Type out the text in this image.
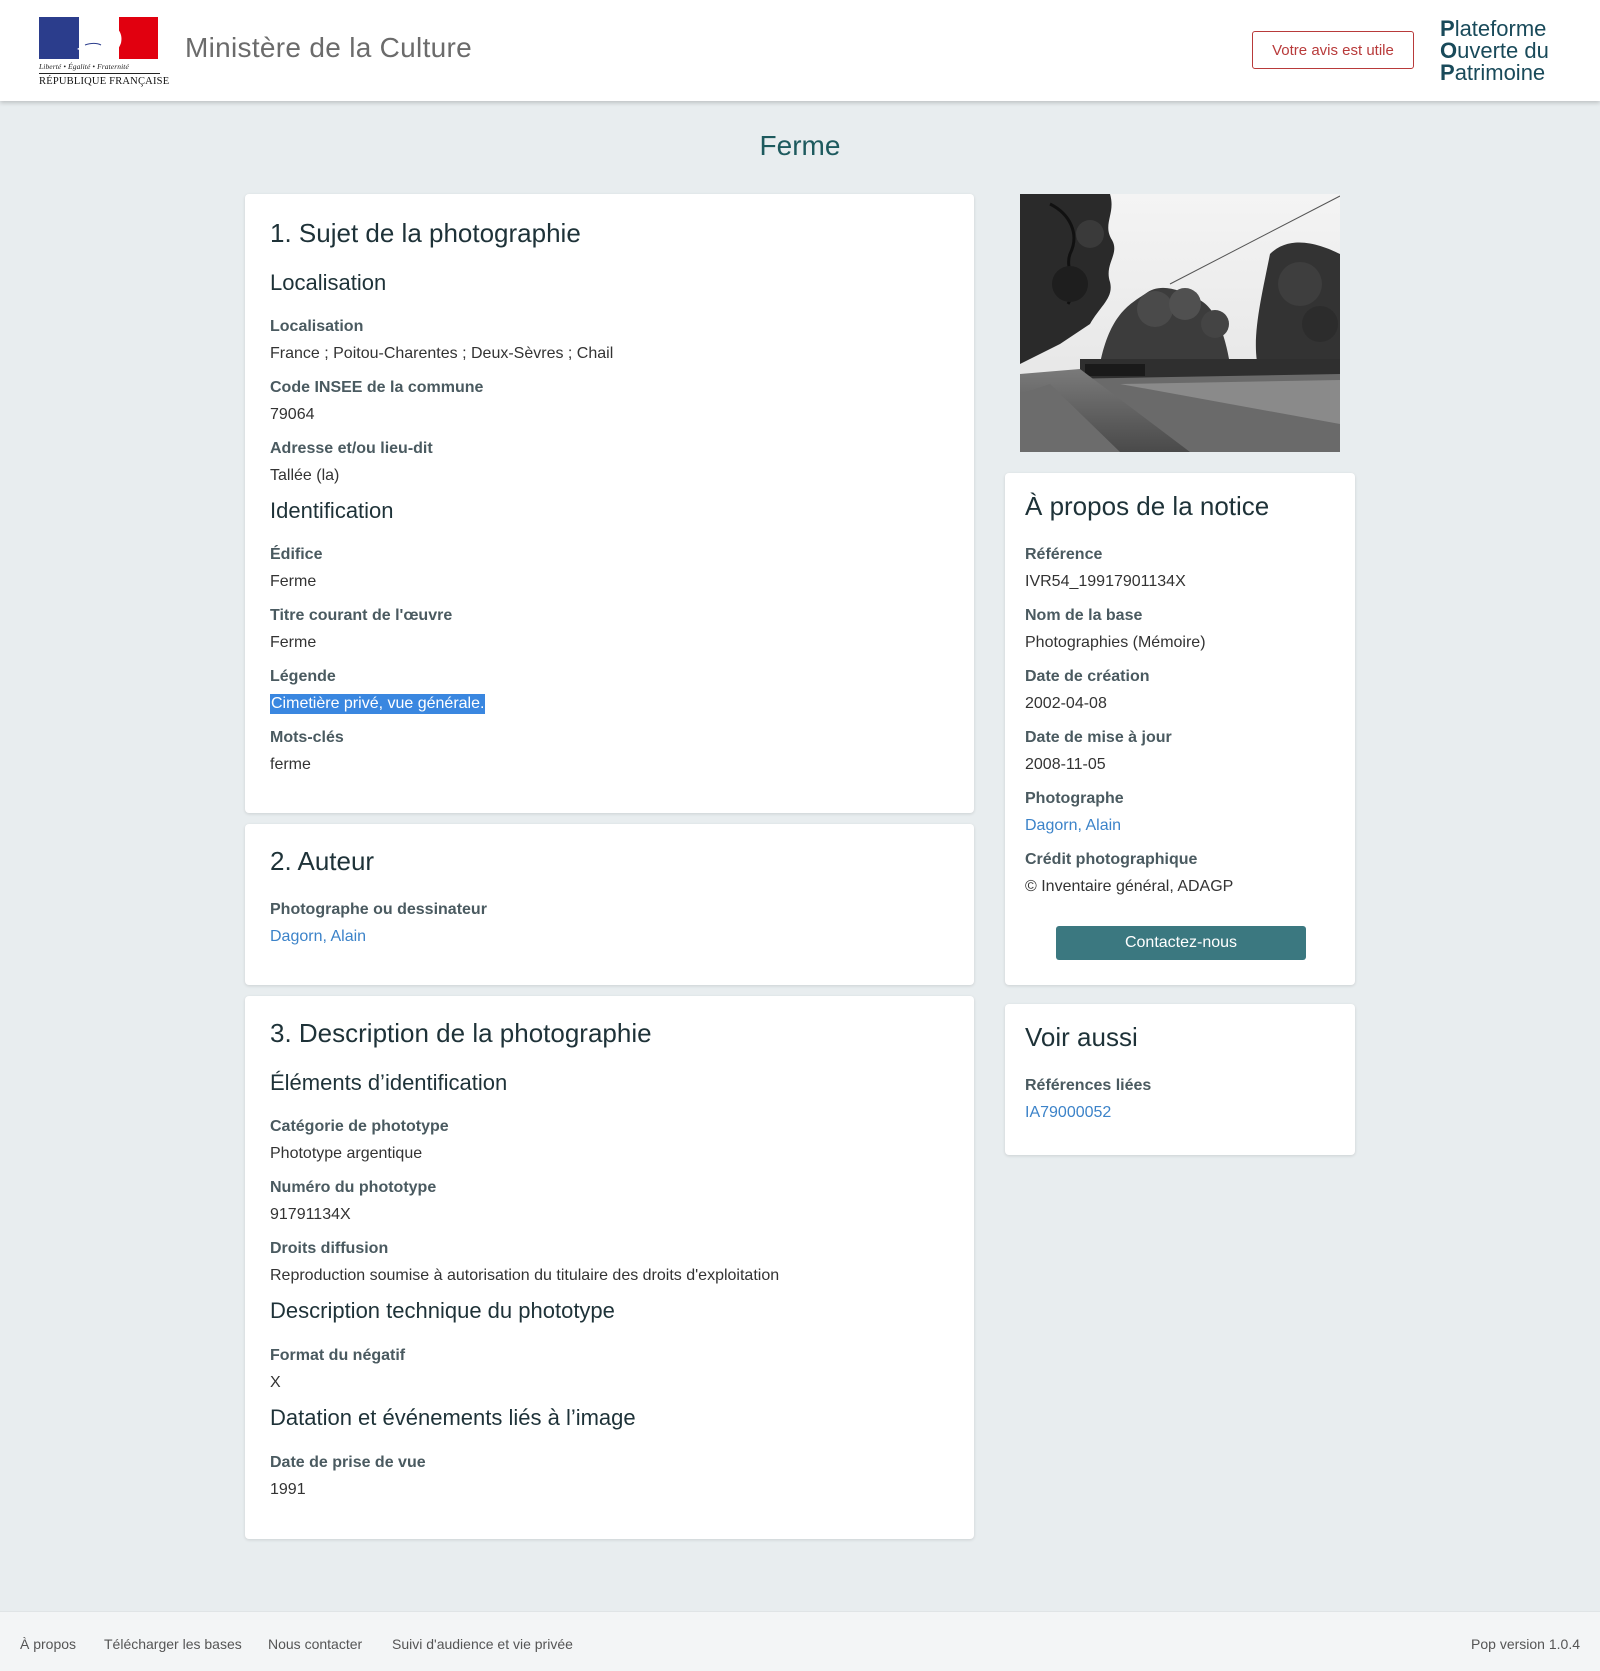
Liberté • Égalité • Fraternité
RÉPUBLIQUE FRANÇAISE
Ministère de la Culture	Votre avis est utile
Plateforme
Ouverte du
Patrimoine
Ferme
1. Sujet de la photographie
Localisation
Localisation
France ; Poitou-Charentes ; Deux-Sèvres ; Chail
Code INSEE de la commune
79064
Adresse et/ou lieu-dit
Tallée (la)
Identification
Édifice
Ferme
Titre courant de l'œuvre
Ferme
Légende
Cimetière privé, vue générale.
Mots-clés
ferme
2. Auteur
Photographe ou dessinateur
Dagorn, Alain
3. Description de la photographie
Éléments d’identification
Catégorie de phototype
Phototype argentique
Numéro du phototype
91791134X
Droits diffusion
Reproduction soumise à autorisation du titulaire des droits d'exploitation
Description technique du phototype
Format du négatif
X
Datation et événements liés à l’image
Date de prise de vue
1991
À propos de la notice
Référence
IVR54_19917901134X
Nom de la base
Photographies (Mémoire)
Date de création
2002-04-08
Date de mise à jour
2008-11-05
Photographe
Dagorn, Alain
Crédit photographique
© Inventaire général, ADAGP
Contactez-nous
Voir aussi
Références liées
IA79000052
À propos Télécharger les bases Nous contacter Suivi d'audience et vie privée	Pop version 1.0.4
